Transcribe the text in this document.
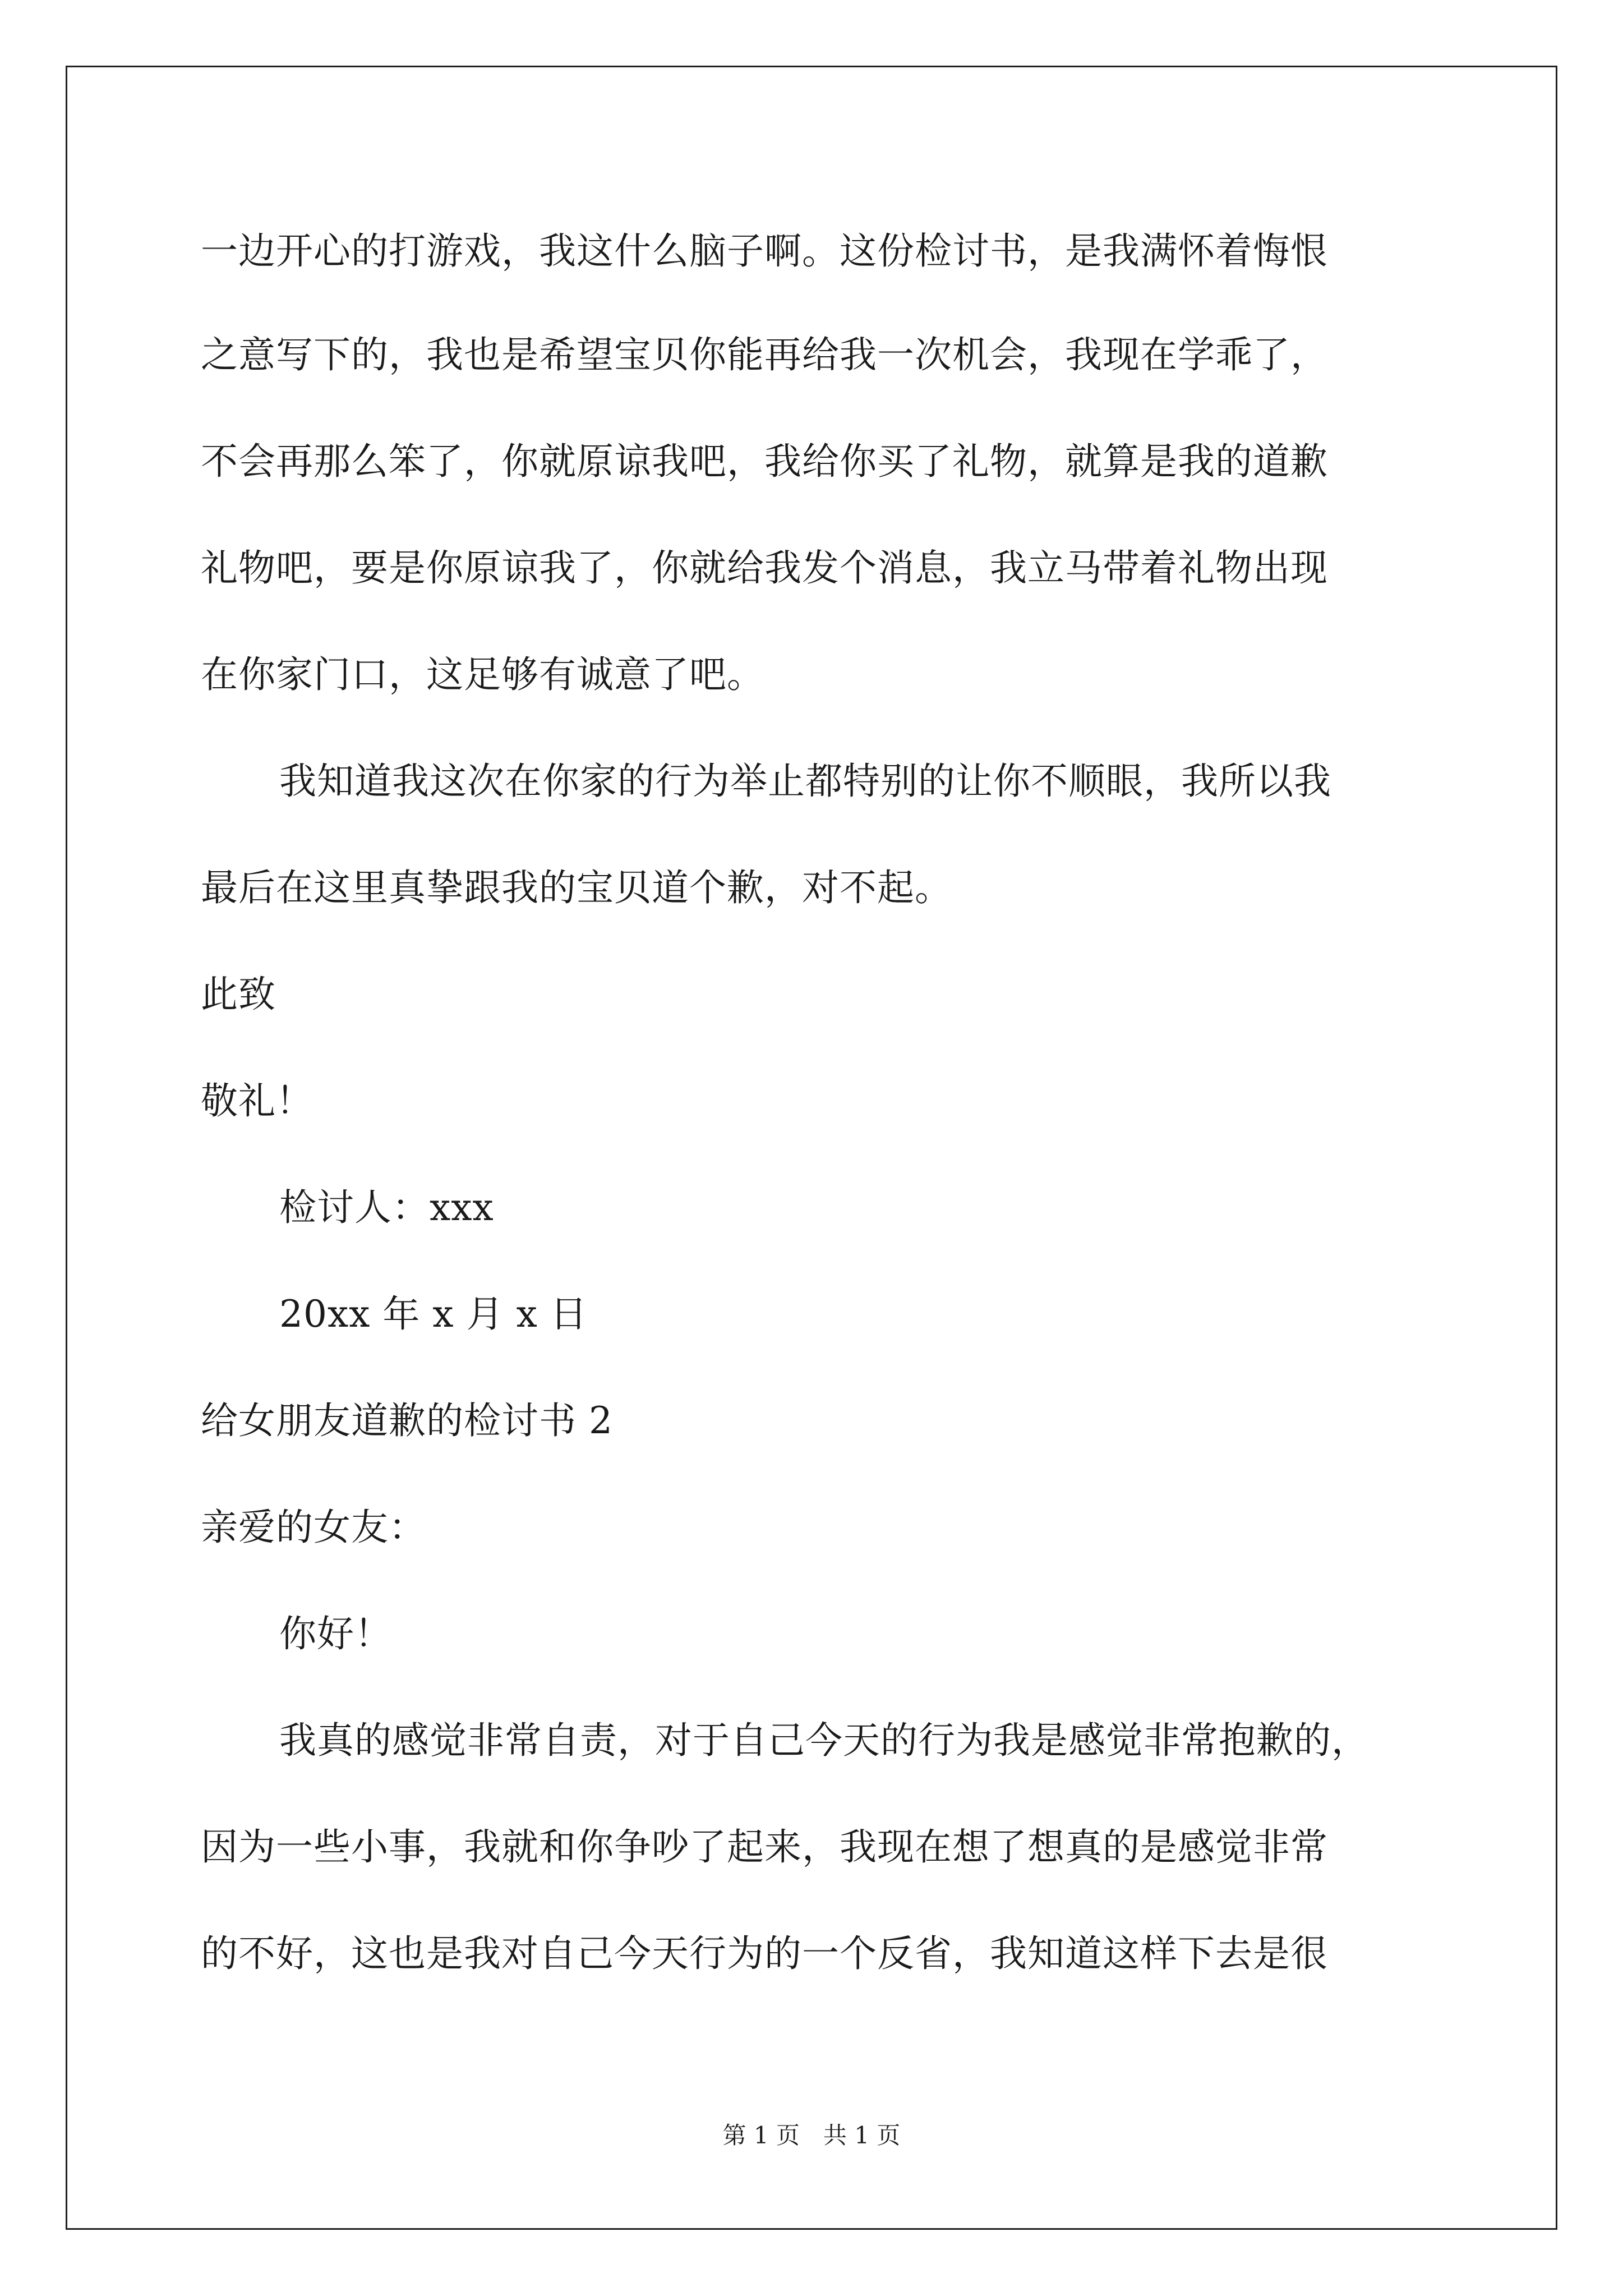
一边开心的打游戏，我这什么脑子啊。这份检讨书，是我满怀着悔恨
之意写下的，我也是希望宝贝你能再给我一次机会，我现在学乖了，
不会再那么笨了，你就原谅我吧，我给你买了礼物，就算是我的道歉
礼物吧，要是你原谅我了，你就给我发个消息，我立马带着礼物出现
在你家门口，这足够有诚意了吧。
我知道我这次在你家的行为举止都特别的让你不顺眼，我所以我
最后在这里真挚跟我的宝贝道个歉，对不起。
此致
敬礼！
检讨人：xxx
20xx 年 x 月 x 日
给女朋友道歉的检讨书 2
亲爱的女友：
你好！
我真的感觉非常自责，对于自己今天的行为我是感觉非常抱歉的，
因为一些小事，我就和你争吵了起来，我现在想了想真的是感觉非常
的不好，这也是我对自己今天行为的一个反省，我知道这样下去是很
第 1 页　共 1 页
